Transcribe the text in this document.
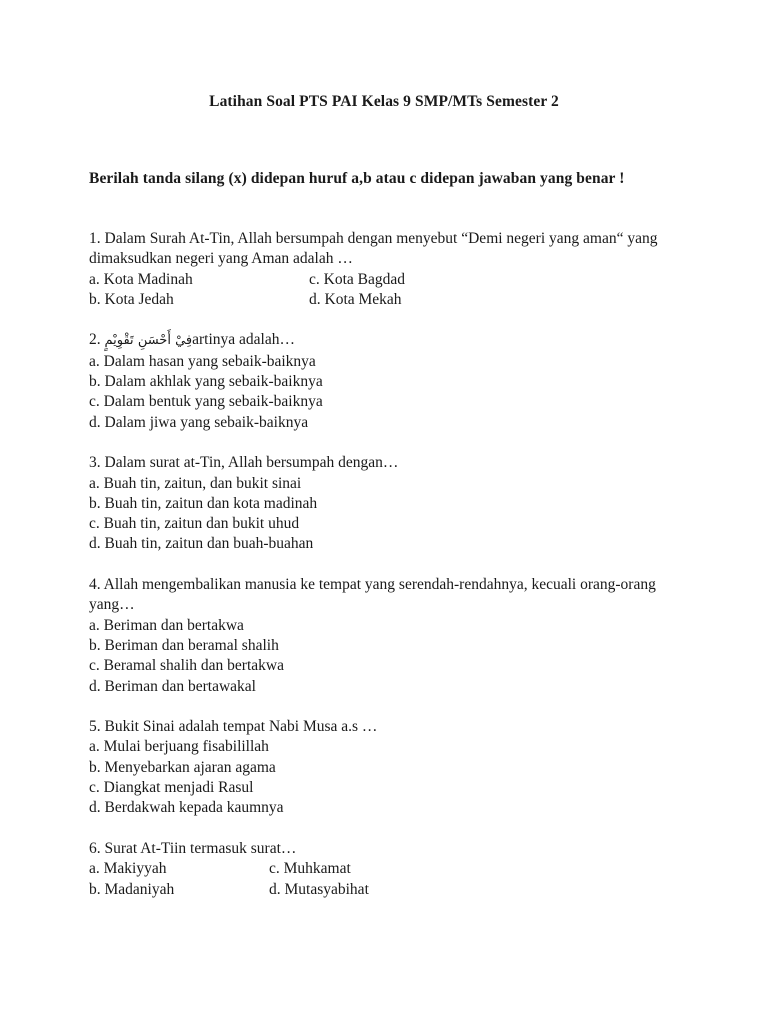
Latihan Soal PTS PAI Kelas 9 SMP/MTs Semester 2
Berilah tanda silang (x) didepan huruf a,b atau c didepan jawaban yang benar !
1. Dalam Surah At-Tin, Allah bersumpah dengan menyebut “Demi negeri yang aman“ yang dimaksudkan negeri yang Aman adalah …
a. Kota Madinah	c. Kota Bagdad
b. Kota Jedah	d. Kota Mekah
2. فِيْ أَحْسَنِ تَقْوِيْمٍartinya adalah…
a. Dalam hasan yang sebaik-baiknya
b. Dalam akhlak yang sebaik-baiknya
c. Dalam bentuk yang sebaik-baiknya
d. Dalam jiwa yang sebaik-baiknya
3. Dalam surat at-Tin, Allah bersumpah dengan…
a. Buah tin, zaitun, dan bukit sinai
b. Buah tin, zaitun dan kota madinah
c. Buah tin, zaitun dan bukit uhud
d. Buah tin, zaitun dan buah-buahan
4. Allah mengembalikan manusia ke tempat yang serendah-rendahnya, kecuali orang-orang yang…
a. Beriman dan bertakwa
b. Beriman dan beramal shalih
c. Beramal shalih dan bertakwa
d. Beriman dan bertawakal
5. Bukit Sinai adalah tempat Nabi Musa a.s …
a. Mulai berjuang fisabilillah
b. Menyebarkan ajaran agama
c. Diangkat menjadi Rasul
d. Berdakwah kepada kaumnya
6. Surat At-Tiin termasuk surat…
a. Makiyyah	c. Muhkamat
b. Madaniyah	d. Mutasyabihat
